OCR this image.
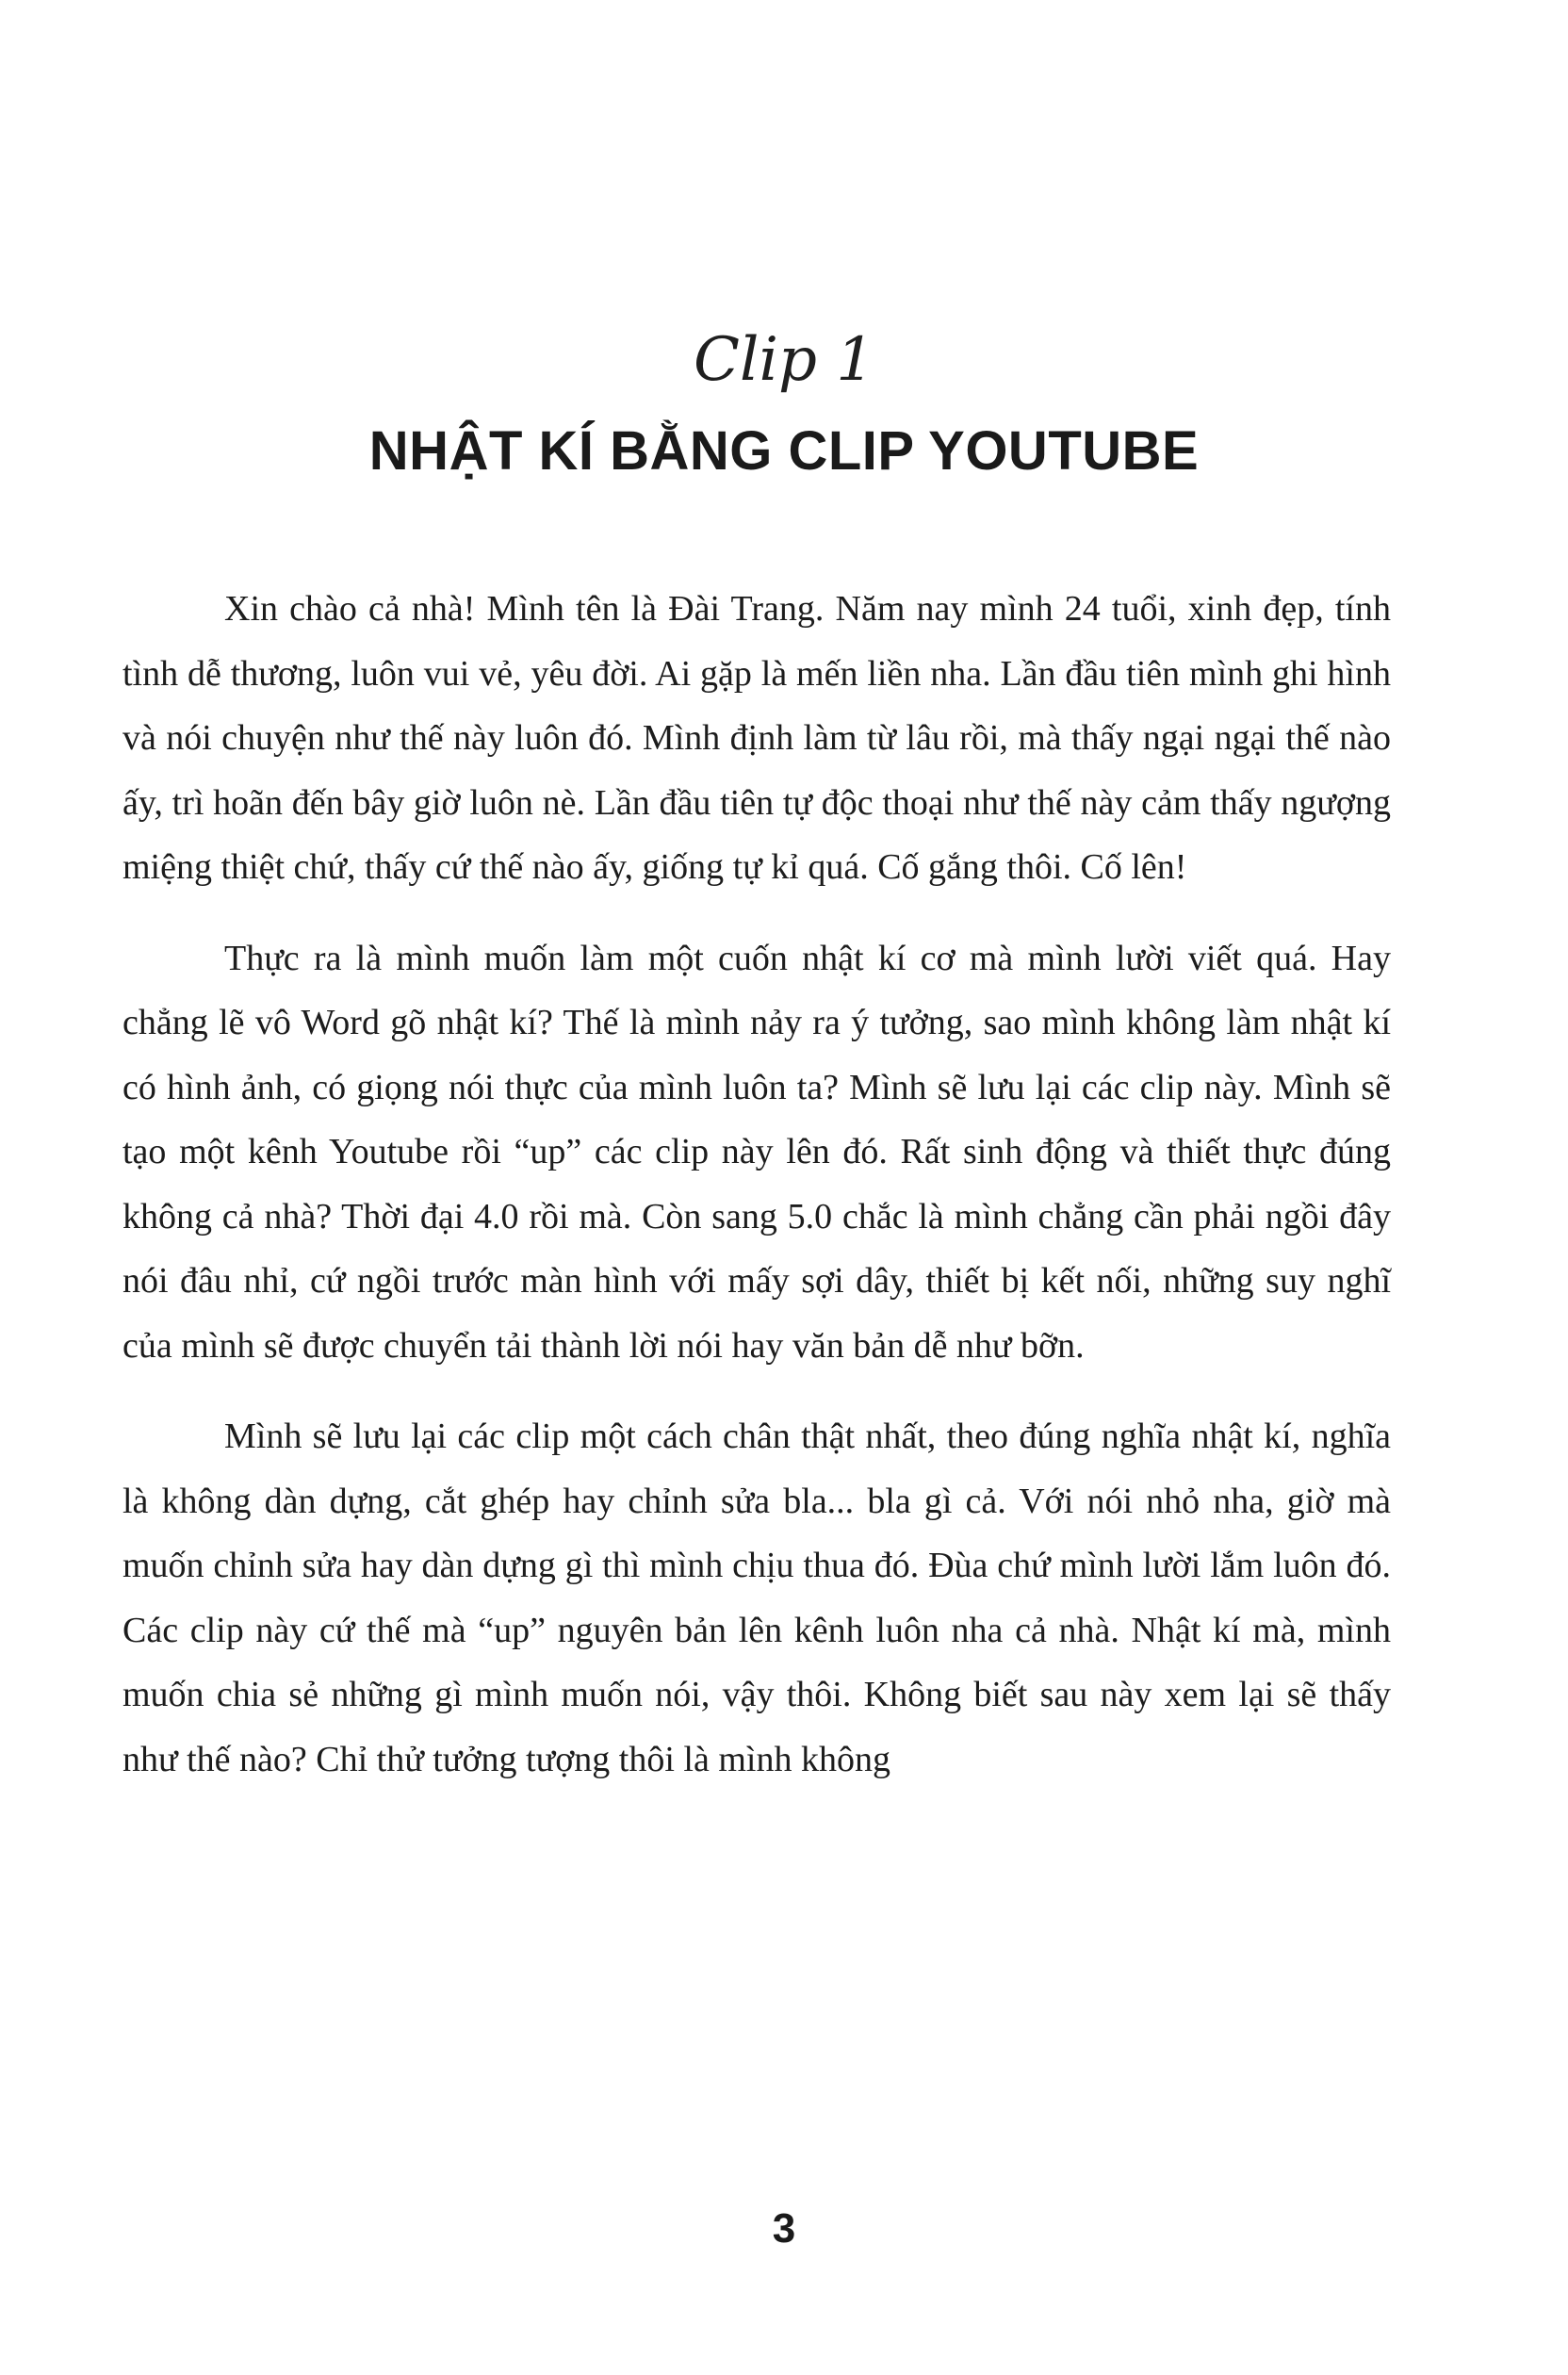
Clip 1
NHẬT KÍ BẰNG CLIP YOUTUBE

Xin chào cả nhà! Mình tên là Đài Trang. Năm nay mình 24 tuổi, xinh đẹp, tính tình dễ thương, luôn vui vẻ, yêu đời. Ai gặp là mến liền nha. Lần đầu tiên mình ghi hình và nói chuyện như thế này luôn đó. Mình định làm từ lâu rồi, mà thấy ngại ngại thế nào ấy, trì hoãn đến bây giờ luôn nè. Lần đầu tiên tự độc thoại như thế này cảm thấy ngượng miệng thiệt chứ, thấy cứ thế nào ấy, giống tự kỉ quá. Cố gắng thôi. Cố lên!

Thực ra là mình muốn làm một cuốn nhật kí cơ mà mình lười viết quá. Hay chẳng lẽ vô Word gõ nhật kí? Thế là mình nảy ra ý tưởng, sao mình không làm nhật kí có hình ảnh, có giọng nói thực của mình luôn ta? Mình sẽ lưu lại các clip này. Mình sẽ tạo một kênh Youtube rồi “up” các clip này lên đó. Rất sinh động và thiết thực đúng không cả nhà? Thời đại 4.0 rồi mà. Còn sang 5.0 chắc là mình chẳng cần phải ngồi đây nói đâu nhỉ, cứ ngồi trước màn hình với mấy sợi dây, thiết bị kết nối, những suy nghĩ của mình sẽ được chuyển tải thành lời nói hay văn bản dễ như bỡn.

Mình sẽ lưu lại các clip một cách chân thật nhất, theo đúng nghĩa nhật kí, nghĩa là không dàn dựng, cắt ghép hay chỉnh sửa bla... bla gì cả. Với nói nhỏ nha, giờ mà muốn chỉnh sửa hay dàn dựng gì thì mình chịu thua đó. Đùa chứ mình lười lắm luôn đó. Các clip này cứ thế mà “up” nguyên bản lên kênh luôn nha cả nhà. Nhật kí mà, mình muốn chia sẻ những gì mình muốn nói, vậy thôi. Không biết sau này xem lại sẽ thấy như thế nào? Chỉ thử tưởng tượng thôi là mình không

3
